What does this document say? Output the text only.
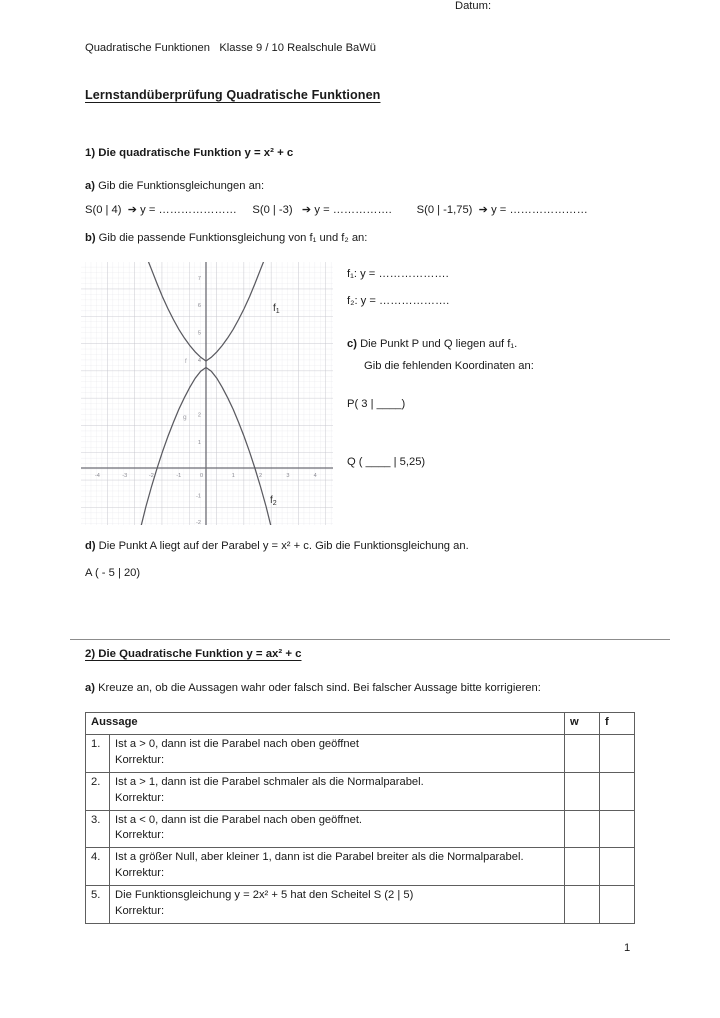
Quadratische Funktionen   Klasse 9 / 10 Realschule BaWü
Datum:
Lernstandüberprüfung Quadratische Funktionen
1) Die quadratische Funktion y = x² + c
a) Gib die Funktionsgleichungen an:
S(0 | 4)  ➔ y = …………………     S(0 | -3)   ➔ y = …………….        S(0 | -1,75)  ➔ y = …………………
b) Gib die passende Funktionsgleichung von f₁ und f₂ an:
-4	-3	-2	-1	0	1	2	3	4
1
2
4
5
6
7
-1
-2
$f_1$
$f_2$
f
g
f₁: y = ……………….
f₂: y = ……………….
c) Die Punkt P und Q liegen auf f₁.
Gib die fehlenden Koordinaten an:
P( 3 | ____)
Q ( ____ | 5,25)
d) Die Punkt A liegt auf der Parabel y = x² + c. Gib die Funktionsgleichung an.
A ( - 5 | 20)
2) Die Quadratische Funktion y = ax² + c
a) Kreuze an, ob die Aussagen wahr oder falsch sind. Bei falscher Aussage bitte korrigieren:
Aussage		w	f
1.	Ist a > 0, dann ist die Parabel nach oben geöffnet
Korrektur:		

2.	Ist a > 1, dann ist die Parabel schmaler als die Normalparabel.
Korrektur:		

3.	Ist a < 0, dann ist die Parabel nach oben geöffnet.
Korrektur:		

4.	Ist a größer Null, aber kleiner 1, dann ist die Parabel breiter als die Normalparabel.
Korrektur:		

5.	Die Funktionsgleichung y = 2x² + 5 hat den Scheitel S (2 | 5)
Korrektur:		

1
